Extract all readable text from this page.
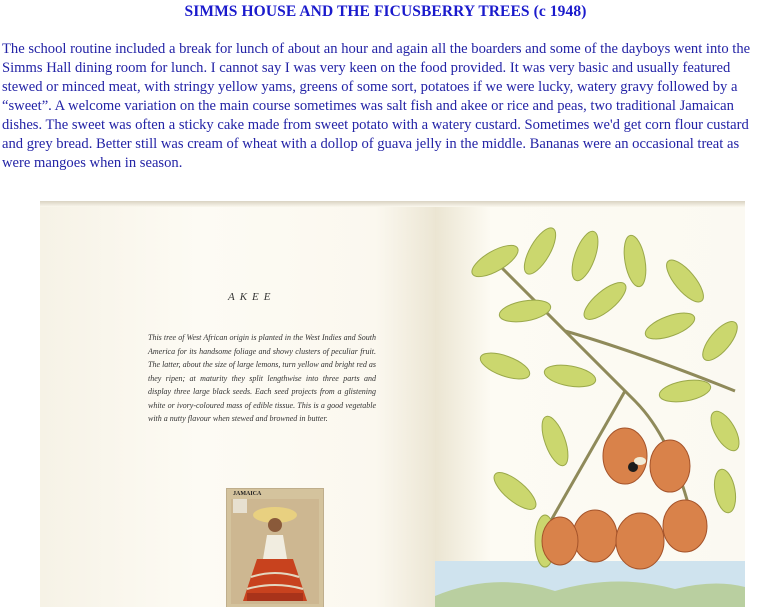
SIMMS HOUSE AND THE FICUSBERRY TREES (c 1948)

The school routine included a break for lunch of about an hour and again all the boarders and some of the dayboys went into the Simms Hall dining room for lunch. I cannot say I was very keen on the food provided. It was very basic and usually featured stewed or minced meat, with stringy yellow yams, greens of some sort, potatoes if we were lucky, watery gravy followed by a “sweet”. A welcome variation on the main course sometimes was salt fish and akee or rice and peas, two traditional Jamaican dishes. The sweet was often a sticky cake made from sweet potato with a watery custard. Sometimes we'd get corn flour custard and grey bread. Better still was cream of wheat with a dollop of guava jelly in the middle. Bananas were an occasional treat as were mangoes when in season.

AKEE

This tree of West African origin is planted in the West Indies and South America for its handsome foliage and showy clusters of peculiar fruit. The latter, about the size of large lemons, turn yellow and bright red as they ripen; at maturity they split lengthwise into three parts and display three large black seeds. Each seed projects from a glistening white or ivory-coloured mass of edible tissue. This is a good vegetable with a nutty flavour when stewed and browned in butter.

JAMAICA
